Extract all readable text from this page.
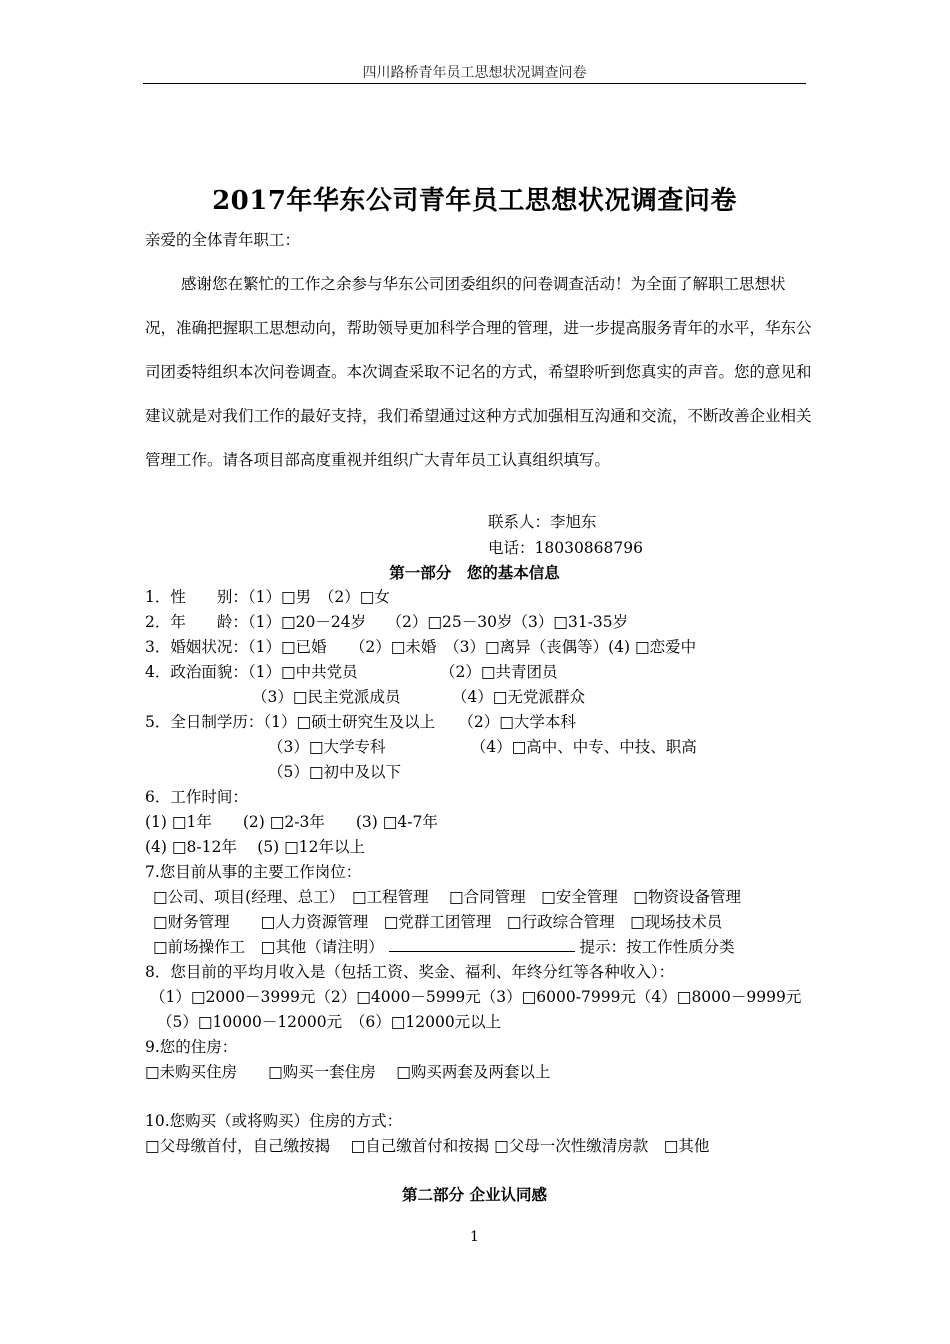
四川路桥青年员工思想状况调查问卷
2017年华东公司青年员工思想状况调查问卷
亲爱的全体青年职工：

感谢您在繁忙的工作之余参与华东公司团委组织的问卷调查活动！为全面了解职工思想状况，准确把握职工思想动向，帮助领导更加科学合理的管理，进一步提高服务青年的水平，华东公司团委特组织本次问卷调查。本次调查采取不记名的方式，希望聆听到您真实的声音。您的意见和建议就是对我们工作的最好支持，我们希望通过这种方式加强相互沟通和交流，不断改善企业相关管理工作。请各项目部高度重视并组织广大青年员工认真组织填写。

联系人：李旭东
电话：18030868796
第一部分　您的基本信息
1．性　　别：（1）□男　（2）□女
2．年　　龄：（1）□20－24岁　 （2）□25－30岁（3）□31-35岁
3．婚姻状况：（1）□已婚　　（2）□未婚　（3）□离异（丧偶等）(4) □恋爱中
4．政治面貌：（1）□中共党员　　　　　 （2）□共青团员
（3）□民主党派成员　　　 （4）□无党派群众
5．全日制学历：（1）□硕士研究生及以上　　（2）□大学本科
（3）□大学专科　　　　　　（4）□高中、中专、中技、职高
（5）□初中及以下
6．工作时间：
(1) □1年　　(2) □2-3年　　(3) □4-7年
(4) □8-12年　 (5) □12年以上
7.您目前从事的主要工作岗位：
□公司、项目(经理、总工）　□工程管理　 □合同管理　□安全管理　□物资设备管理
□财务管理　　□人力资源管理　□党群工团管理　□行政综合管理　□现场技术员
□前场操作工　□其他（请注明）	提示：按工作性质分类
8．您目前的平均月收入是（包括工资、奖金、福利、年终分红等各种收入）：
（1）□2000－3999元（2）□4000－5999元（3）□6000-7999元（4）□8000－9999元
（5）□10000－12000元　（6）□12000元以上
9.您的住房：
□未购买住房　　□购买一套住房　 □购买两套及两套以上
10.您购买（或将购买）住房的方式：
□父母缴首付，自己缴按揭　 □自己缴首付和按揭 □父母一次性缴清房款　□其他
第二部分 企业认同感
1
